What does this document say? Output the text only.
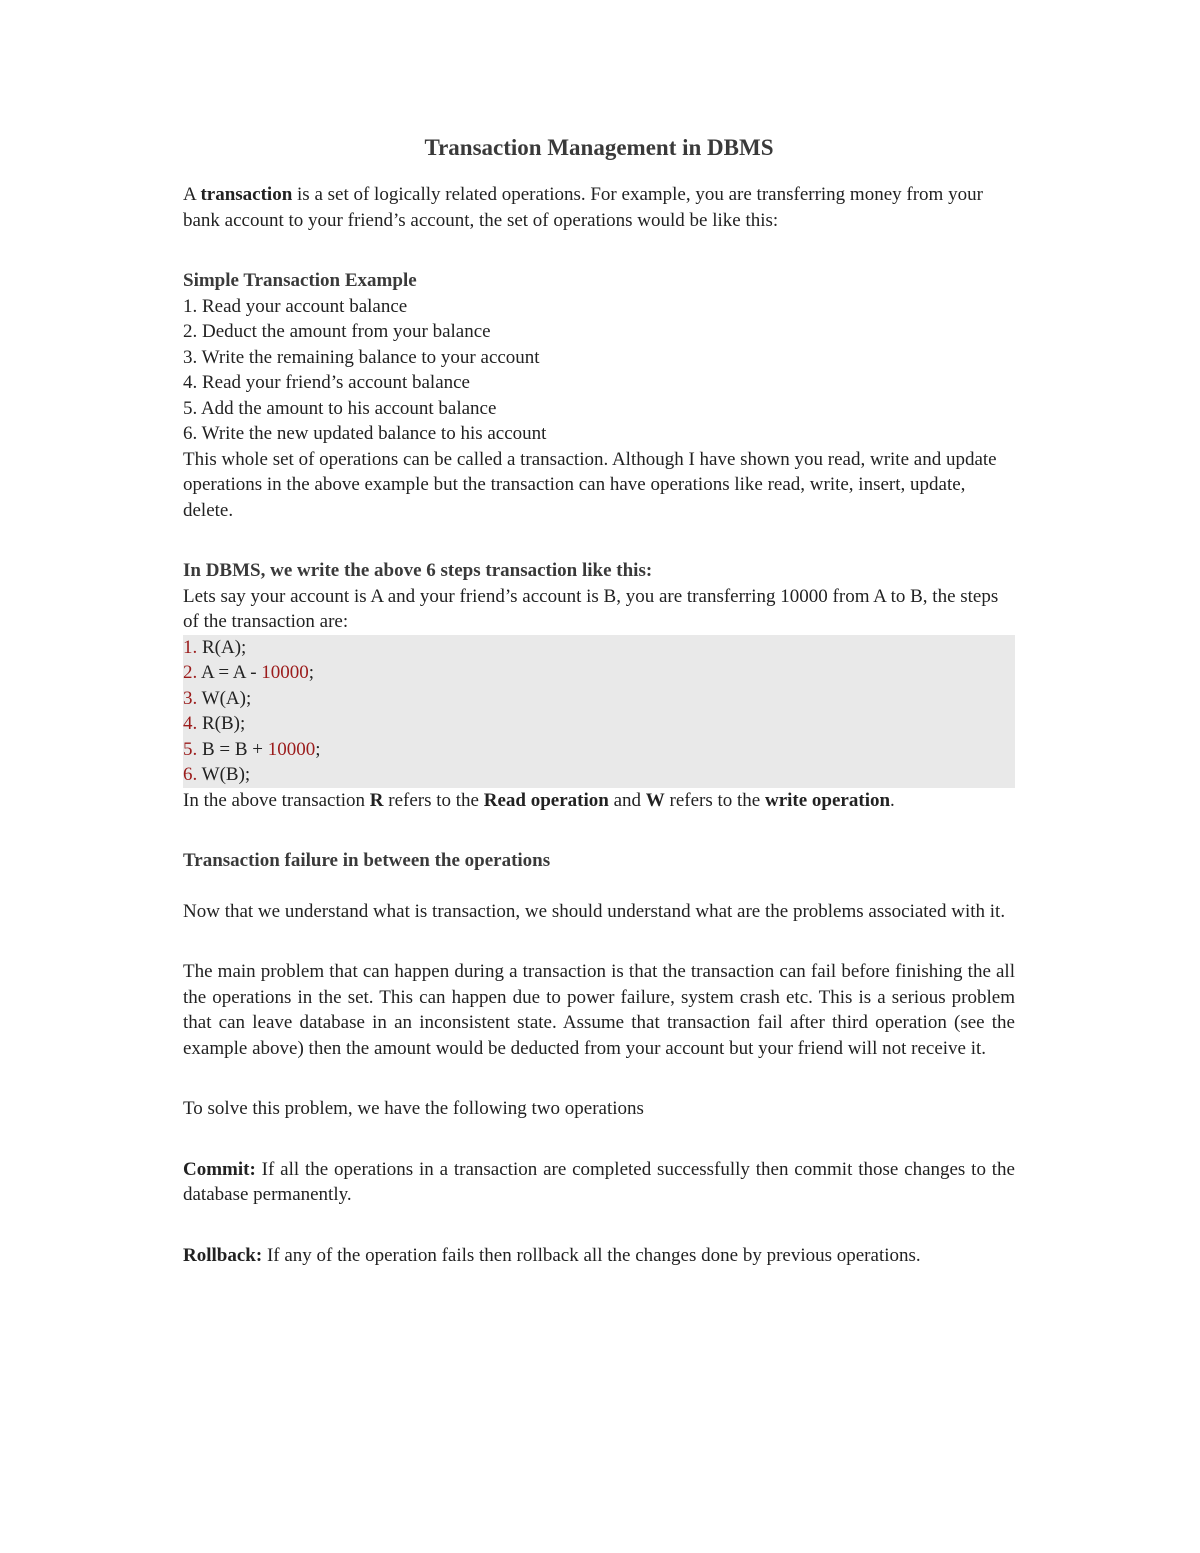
Transaction Management in DBMS

A transaction is a set of logically related operations. For example, you are transferring money from your bank account to your friend’s account, the set of operations would be like this:

Simple Transaction Example

1. Read your account balance

2. Deduct the amount from your balance

3. Write the remaining balance to your account

4. Read your friend’s account balance

5. Add the amount to his account balance

6. Write the new updated balance to his account

This whole set of operations can be called a transaction. Although I have shown you read, write and update operations in the above example but the transaction can have operations like read, write, insert, update, delete.

In DBMS, we write the above 6 steps transaction like this:

Lets say your account is A and your friend’s account is B, you are transferring 10000 from A to B, the steps of the transaction are:

1. R(A);
2. A = A - 10000;
3. W(A);
4. R(B);
5. B = B + 10000;
6. W(B);

In the above transaction R refers to the Read operation and W refers to the write operation.

Transaction failure in between the operations

Now that we understand what is transaction, we should understand what are the problems associated with it.

The main problem that can happen during a transaction is that the transaction can fail before finishing the all the operations in the set. This can happen due to power failure, system crash etc. This is a serious problem that can leave database in an inconsistent state. Assume that transaction fail after third operation (see the example above) then the amount would be deducted from your account but your friend will not receive it.

To solve this problem, we have the following two operations

Commit: If all the operations in a transaction are completed successfully then commit those changes to the database permanently.

Rollback: If any of the operation fails then rollback all the changes done by previous operations.
